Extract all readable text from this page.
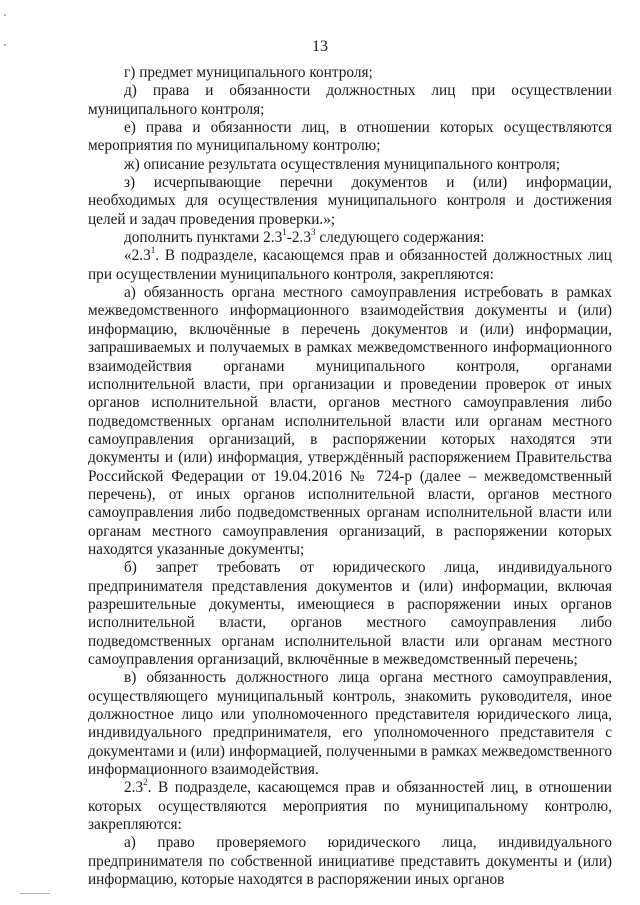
13

г) предмет муниципального контроля;

д) права и обязанности должностных лиц при осуществлении муниципального контроля;

е) права и обязанности лиц, в отношении которых осуществляются мероприятия по муниципальному контролю;

ж) описание результата осуществления муниципального контроля;

з) исчерпывающие перечни документов и (или) информации, необходимых для осуществления муниципального контроля и достижения целей и задач проведения проверки.»;

дополнить пунктами $2.3^1-2.3^3$ следующего содержания:

«$2.3^1$. В подразделе, касающемся прав и обязанностей должностных лиц при осуществлении муниципального контроля, закрепляются:

а) обязанность органа местного самоуправления истребовать в рамках межведомственного информационного взаимодействия документы и (или) информацию, включённые в перечень документов и (или) информации, запрашиваемых и получаемых в рамках межведомственного информационного взаимодействия органами муниципального контроля, органами исполнительной власти, при организации и проведении проверок от иных органов исполнительной власти, органов местного самоуправления либо подведомственных органам исполнительной власти или органам местного самоуправления организаций, в распоряжении которых находятся эти документы и (или) информация, утверждённый распоряжением Правительства Российской Федерации от 19.04.2016 № 724-р (далее – межведомственный перечень), от иных органов исполнительной власти, органов местного самоуправления либо подведомственных органам исполнительной власти или органам местного самоуправления организаций, в распоряжении которых находятся указанные документы;

б) запрет требовать от юридического лица, индивидуального предпринимателя представления документов и (или) информации, включая разрешительные документы, имеющиеся в распоряжении иных органов исполнительной власти, органов местного самоуправления либо подведомственных органам исполнительной власти или органам местного самоуправления организаций, включённые в межведомственный перечень;

в) обязанность должностного лица органа местного самоуправления, осуществляющего муниципальный контроль, знакомить руководителя, иное должностное лицо или уполномоченного представителя юридического лица, индивидуального предпринимателя, его уполномоченного представителя с документами и (или) информацией, полученными в рамках межведомственного информационного взаимодействия.

$2.3^2$. В подразделе, касающемся прав и обязанностей лиц, в отношении которых осуществляются мероприятия по муниципальному контролю, закрепляются:

а) право проверяемого юридического лица, индивидуального предпринимателя по собственной инициативе представить документы и (или) информацию, которые находятся в распоряжении иных органов
